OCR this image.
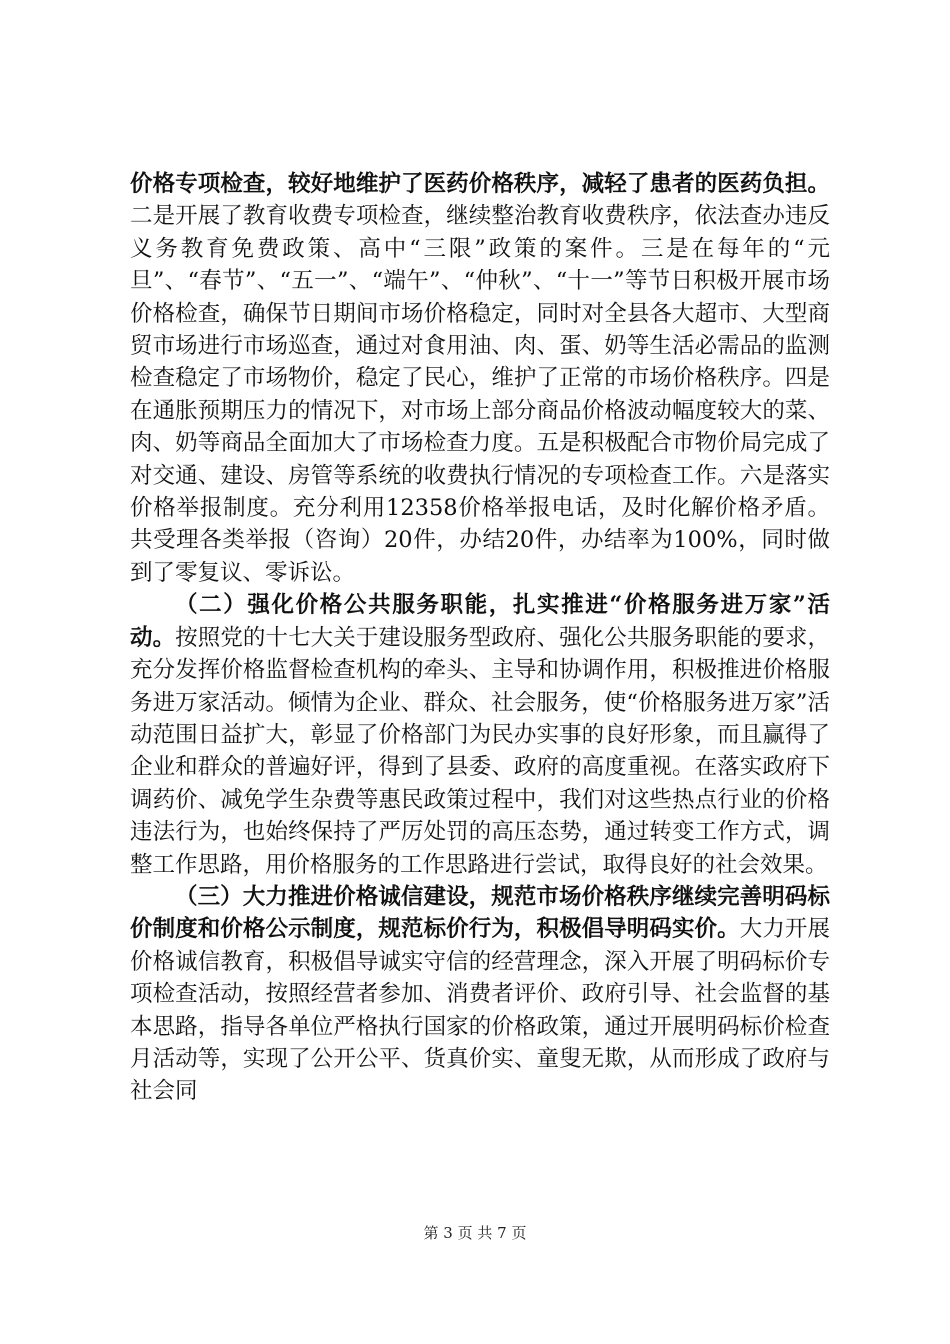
价格专项检查，较好地维护了医药价格秩序，减轻了患者的医药负担。二是开展了教育收费专项检查，继续整治教育收费秩序，依法查办违反义务教育免费政策、高中“三限”政策的案件。三是在每年的“元旦”、“春节”、“五一”、“端午”、“仲秋”、“十一”等节日积极开展市场价格检查，确保节日期间市场价格稳定，同时对全县各大超市、大型商贸市场进行市场巡查，通过对食用油、肉、蛋、奶等生活必需品的监测检查稳定了市场物价，稳定了民心，维护了正常的市场价格秩序。四是在通胀预期压力的情况下，对市场上部分商品价格波动幅度较大的菜、肉、奶等商品全面加大了市场检查力度。五是积极配合市物价局完成了对交通、建设、房管等系统的收费执行情况的专项检查工作。六是落实价格举报制度。充分利用12358价格举报电话，及时化解价格矛盾。共受理各类举报（咨询）20件，办结20件，办结率为100%，同时做到了零复议、零诉讼。

（二）强化价格公共服务职能，扎实推进“价格服务进万家”活动。按照党的十七大关于建设服务型政府、强化公共服务职能的要求，充分发挥价格监督检查机构的牵头、主导和协调作用，积极推进价格服务进万家活动。倾情为企业、群众、社会服务，使“价格服务进万家”活动范围日益扩大，彰显了价格部门为民办实事的良好形象，而且赢得了企业和群众的普遍好评，得到了县委、政府的高度重视。在落实政府下调药价、减免学生杂费等惠民政策过程中，我们对这些热点行业的价格违法行为，也始终保持了严厉处罚的高压态势，通过转变工作方式，调整工作思路，用价格服务的工作思路进行尝试，取得良好的社会效果。

（三）大力推进价格诚信建设，规范市场价格秩序继续完善明码标价制度和价格公示制度，规范标价行为，积极倡导明码实价。大力开展价格诚信教育，积极倡导诚实守信的经营理念，深入开展了明码标价专项检查活动，按照经营者参加、消费者评价、政府引导、社会监督的基本思路，指导各单位严格执行国家的价格政策，通过开展明码标价检查月活动等，实现了公开公平、货真价实、童叟无欺，从而形成了政府与社会同

第 3 页 共 7 页
